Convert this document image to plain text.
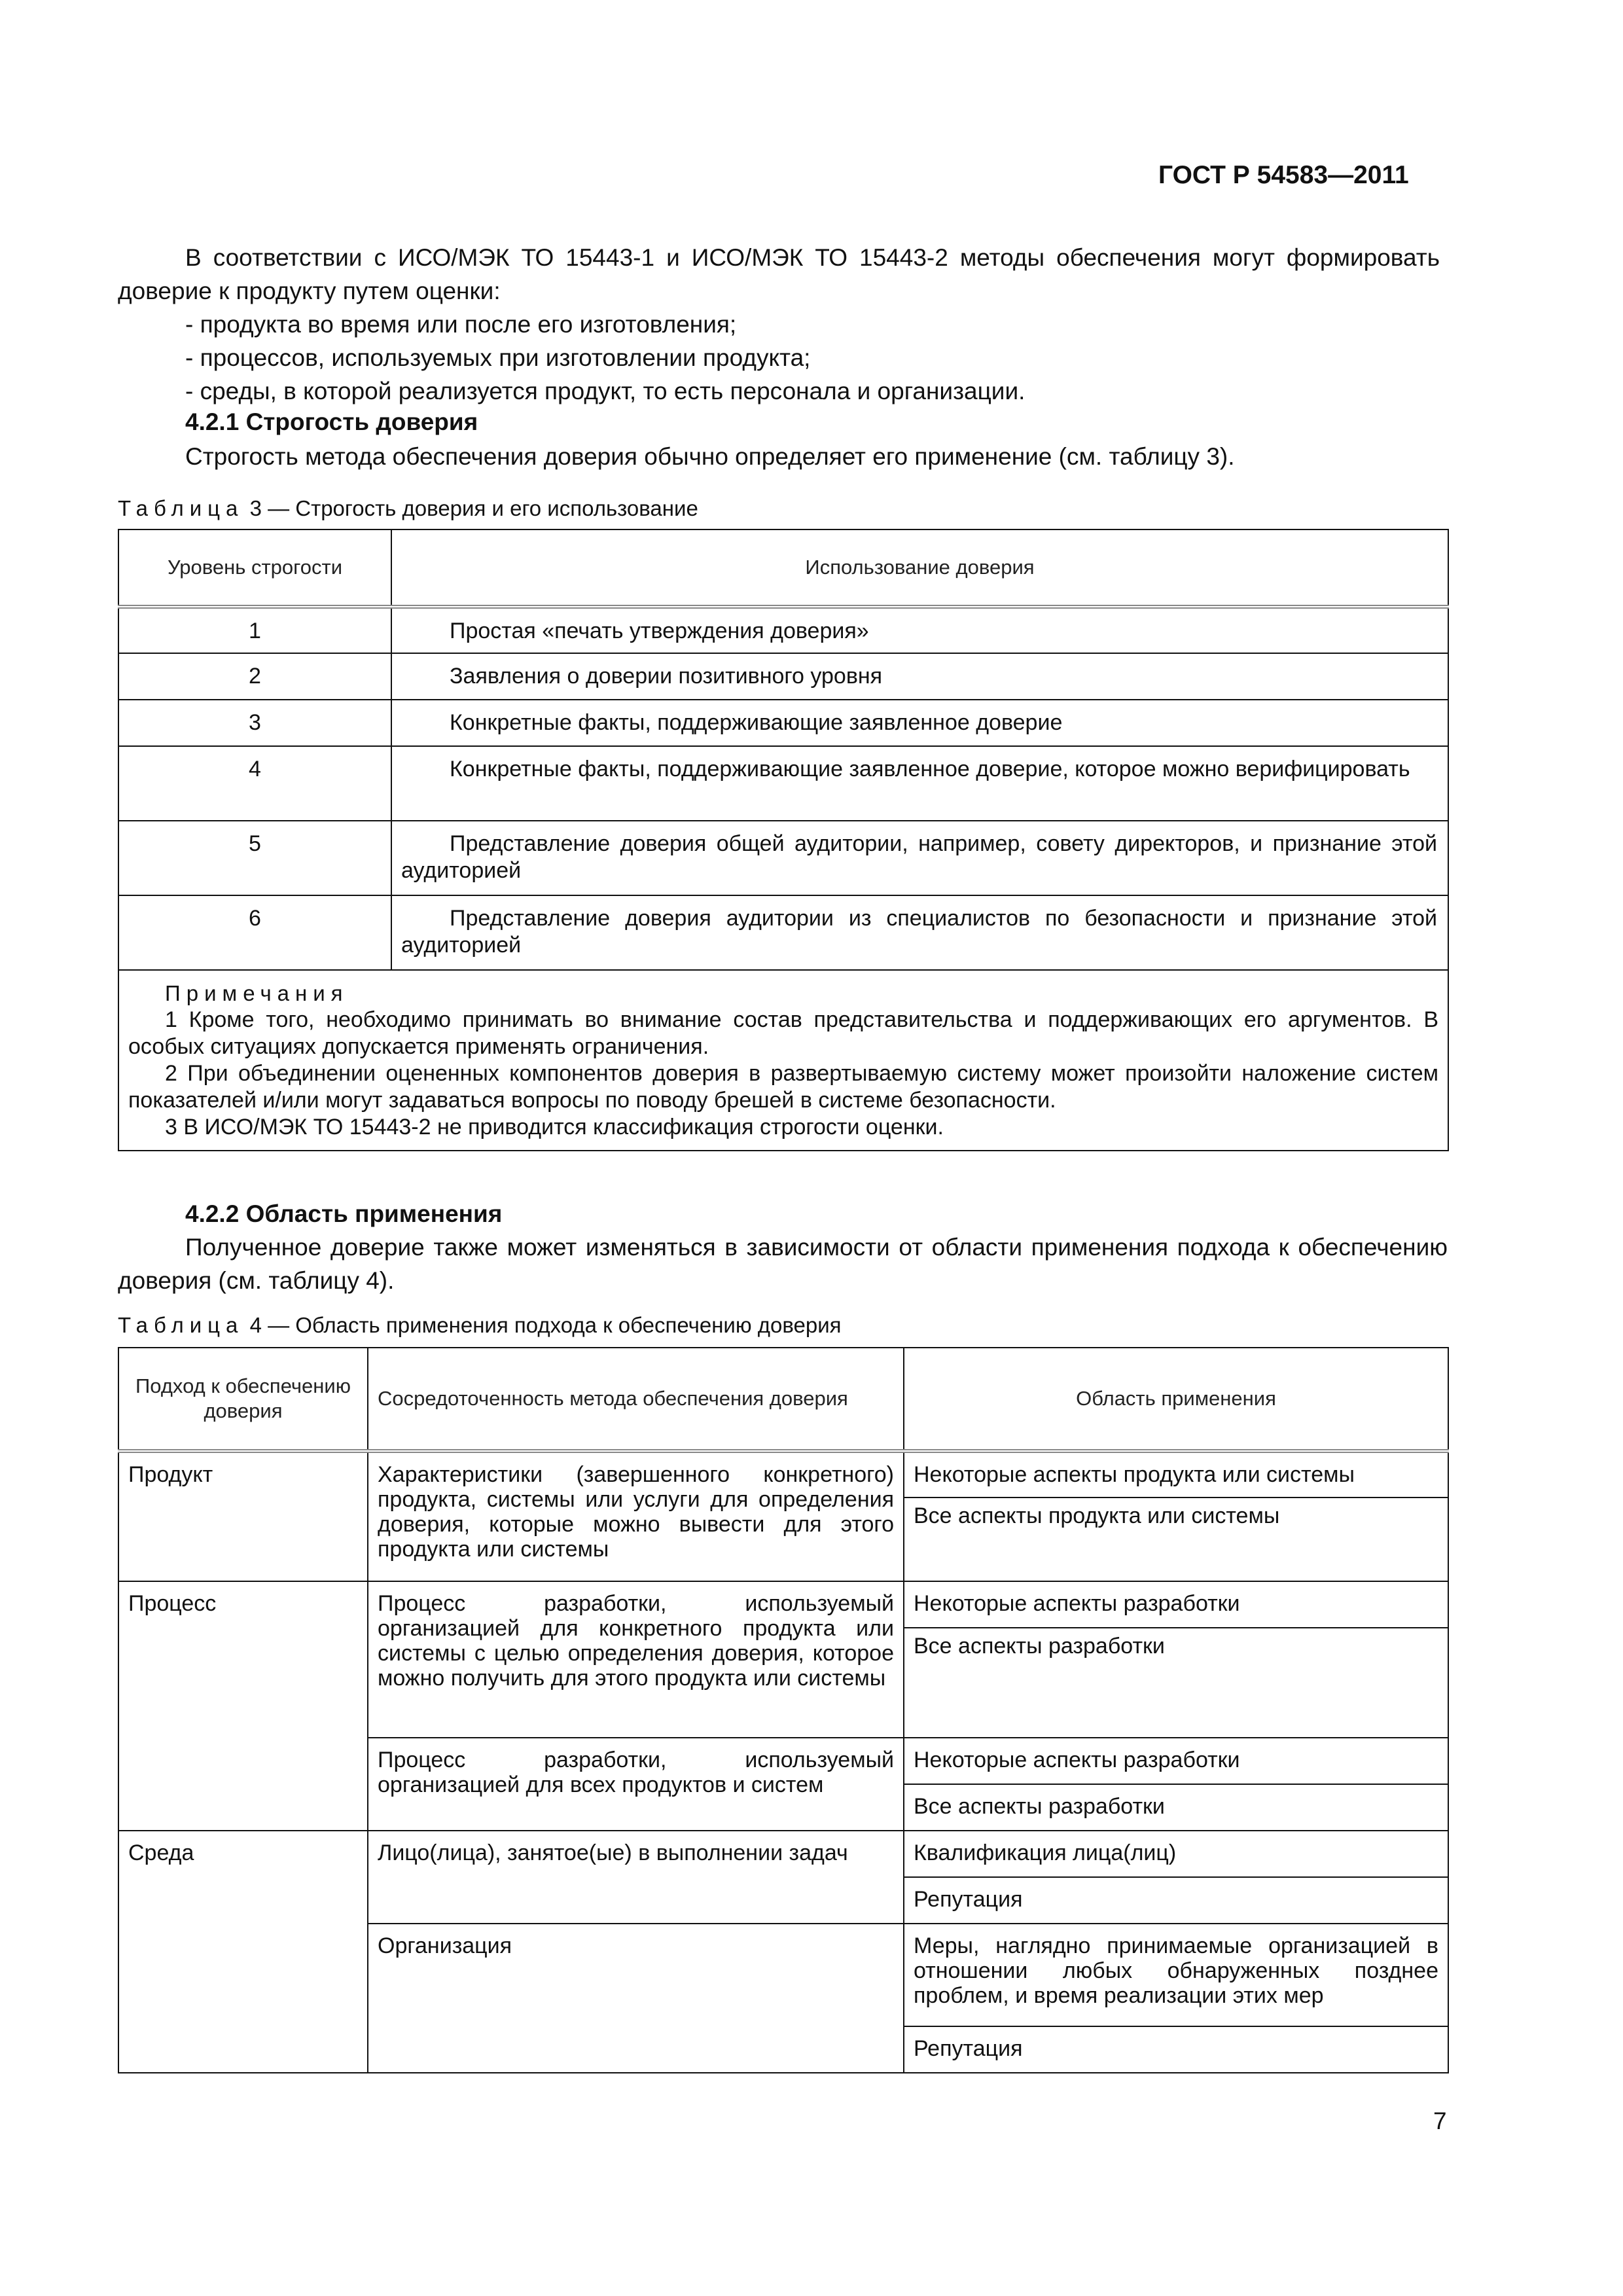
ГОСТ Р 54583—2011
В соответствии с ИСО/МЭК ТО 15443-1 и ИСО/МЭК ТО 15443-2 методы обеспечения могут формировать доверие к продукту путем оценки:
- продукта во время или после его изготовления;
- процессов, используемых при изготовлении продукта;
- среды, в которой реализуется продукт, то есть персонала и организации.
4.2.1 Строгость доверия
Строгость метода обеспечения доверия обычно определяет его применение (см. таблицу 3).
Таблица 3 — Строгость доверия и его использование
Уровень строгости	Использование доверия
1	Простая «печать утверждения доверия»
2	Заявления о доверии позитивного уровня
3	Конкретные факты, поддерживающие заявленное доверие
4	Конкретные факты, поддерживающие заявленное доверие, которое можно верифицировать
5	Представление доверия общей аудитории, например, совету директоров, и признание этой аудиторией
6	Представление доверия аудитории из специалистов по безопасности и признание этой аудиторией

Примечания
1 Кроме того, необходимо принимать во внимание состав представительства и поддерживающих его аргументов. В особых ситуациях допускается применять ограничения.
2 При объединении оцененных компонентов доверия в развертываемую систему может произойти наложение систем показателей и/или могут задаваться вопросы по поводу брешей в системе безопасности.
3 В ИСО/МЭК ТО 15443-2 не приводится классификация строгости оценки.	
4.2.2 Область применения
Полученное доверие также может изменяться в зависимости от области применения подхода к обеспечению доверия (см. таблицу 4).
Таблица 4 — Область применения подхода к обеспечению доверия
Подход к обеспечению доверия	Сосредоточенность метода обеспечения доверия	Область применения
Продукт	Характеристики (завершенного конкретного) продукта, системы или услуги для определения доверия, которые можно вывести для этого продукта или системы	Некоторые аспекты продукта или системы
		Все аспекты продукта или системы
Процесс	Процесс разработки, используемый организацией для конкретного продукта или системы с целью определения доверия, которое можно получить для этого продукта или системы	Некоторые аспекты разработки
		Все аспекты разработки
	Процесс разработки, используемый организацией для всех продуктов и систем	Некоторые аспекты разработки
		Все аспекты разработки
Среда	Лицо(лица), занятое(ые) в выполнении задач	Квалификация лица(лиц)
		Репутация
	Организация	Меры, наглядно принимаемые организацией в отношении любых обнаруженных позднее проблем, и время реализации этих мер
		Репутация
7
